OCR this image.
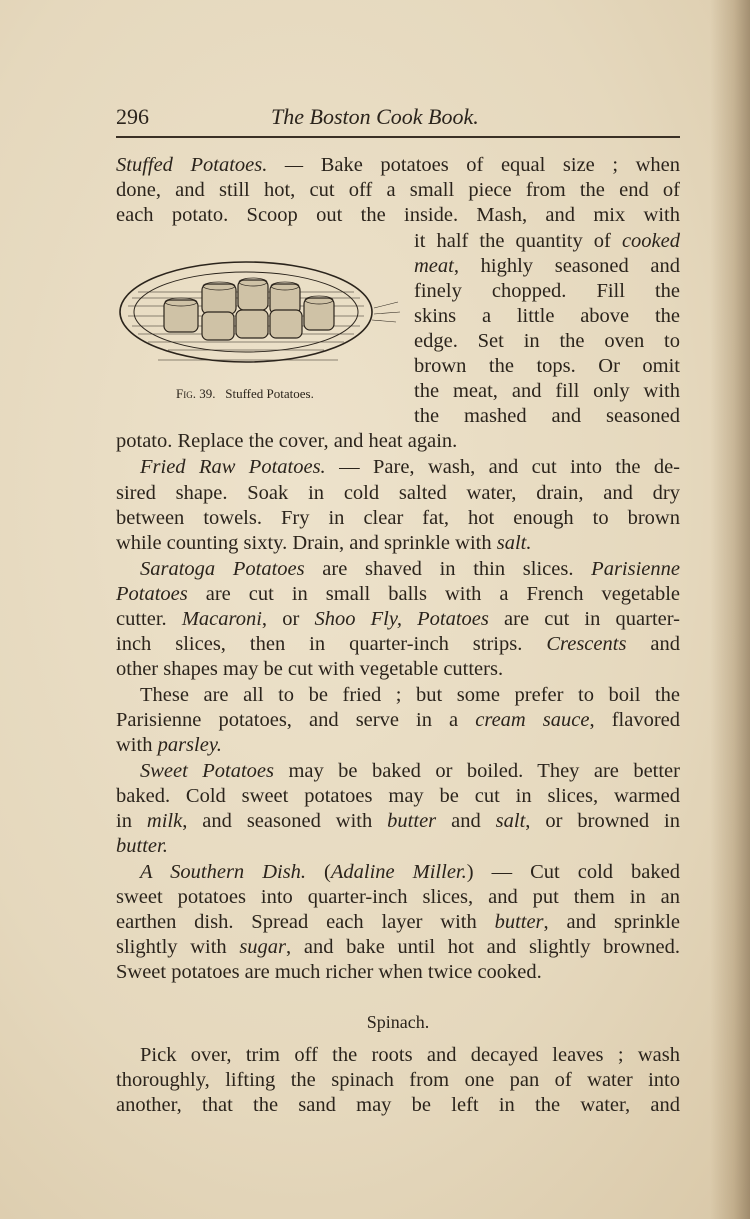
296	The Boston Cook Book.
Stuffed Potatoes. — Bake potatoes of equal size ; when
done, and still hot, cut off a small piece from the end of
each potato. Scoop out the inside. Mash, and mix with
it half the quantity of cooked
meat, highly seasoned and
finely chopped. Fill the
skins a little above the
edge. Set in the oven to
brown the tops. Or omit
the meat, and fill only with
the mashed and seasoned
Fig. 39. Stuffed Potatoes.
potato. Replace the cover, and heat again.
Fried Raw Potatoes. — Pare, wash, and cut into the de-
sired shape. Soak in cold salted water, drain, and dry
between towels. Fry in clear fat, hot enough to brown
while counting sixty. Drain, and sprinkle with salt.
Saratoga Potatoes are shaved in thin slices. Parisienne
Potatoes are cut in small balls with a French vegetable
cutter. Macaroni, or Shoo Fly, Potatoes are cut in quarter-
inch slices, then in quarter-inch strips. Crescents and
other shapes may be cut with vegetable cutters.
These are all to be fried ; but some prefer to boil the
Parisienne potatoes, and serve in a cream sauce, flavored
with parsley.
Sweet Potatoes may be baked or boiled. They are better
baked. Cold sweet potatoes may be cut in slices, warmed
in milk, and seasoned with butter and salt, or browned in
butter.
A Southern Dish. (Adaline Miller.) — Cut cold baked
sweet potatoes into quarter-inch slices, and put them in an
earthen dish. Spread each layer with butter, and sprinkle
slightly with sugar, and bake until hot and slightly browned.
Sweet potatoes are much richer when twice cooked.
Spinach.
Pick over, trim off the roots and decayed leaves ; wash
thoroughly, lifting the spinach from one pan of water into
another, that the sand may be left in the water, and
